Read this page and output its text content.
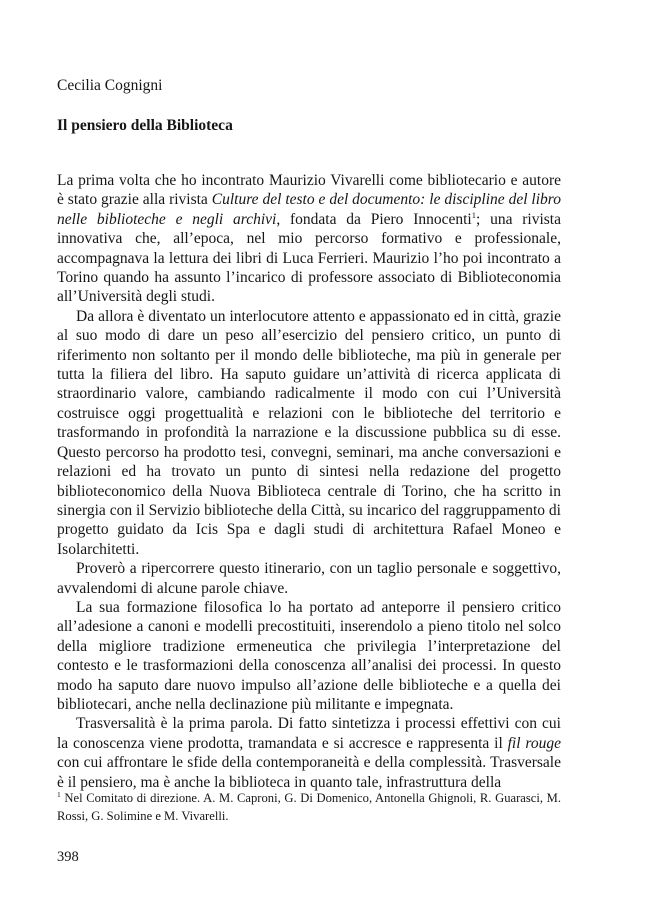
Cecilia Cognigni

Il pensiero della Biblioteca

La prima volta che ho incontrato Maurizio Vivarelli come bibliotecario e autore è stato grazie alla rivista Culture del testo e del documento: le discipline del libro nelle biblioteche e negli archivi, fondata da Piero Innocenti$^1$; una rivista innovativa che, all’epoca, nel mio percorso formativo e professionale, accompagnava la lettura dei libri di Luca Ferrieri. Maurizio l’ho poi incontrato a Torino quando ha assunto l’incarico di professore associato di Biblioteconomia all’Università degli studi.

Da allora è diventato un interlocutore attento e appassionato ed in città, grazie al suo modo di dare un peso all’esercizio del pensiero critico, un punto di riferimento non soltanto per il mondo delle biblioteche, ma più in generale per tutta la filiera del libro. Ha saputo guidare un’attività di ricerca applicata di straordinario valore, cambiando radicalmente il modo con cui l’Università costruisce oggi progettualità e relazioni con le biblioteche del territorio e trasformando in profondità la narrazione e la discussione pubblica su di esse. Questo percorso ha prodotto tesi, convegni, seminari, ma anche conversazioni e relazioni ed ha trovato un punto di sintesi nella redazione del progetto biblioteconomico della Nuova Biblioteca centrale di Torino, che ha scritto in sinergia con il Servizio biblioteche della Città, su incarico del raggruppamento di progetto guidato da Icis Spa e dagli studi di architettura Rafael Moneo e Isolarchitetti.

Proverò a ripercorrere questo itinerario, con un taglio personale e soggettivo, avvalendomi di alcune parole chiave.

La sua formazione filosofica lo ha portato ad anteporre il pensiero critico all’adesione a canoni e modelli precostituiti, inserendolo a pieno titolo nel solco della migliore tradizione ermeneutica che privilegia l’interpretazione del contesto e le trasformazioni della conoscenza all’analisi dei processi. In questo modo ha saputo dare nuovo impulso all’azione delle biblioteche e a quella dei bibliotecari, anche nella declinazione più militante e impegnata.

Trasversalità è la prima parola. Di fatto sintetizza i processi effettivi con cui la conoscenza viene prodotta, tramandata e si accresce e rappresenta il fil rouge con cui affrontare le sfide della contemporaneità e della complessità. Trasversale è il pensiero, ma è anche la biblioteca in quanto tale, infrastruttura della

$^1$ Nel Comitato di direzione. A. M. Caproni, G. Di Domenico, Antonella Ghignoli, R. Guarasci, M. Rossi, G. Solimine e M. Vivarelli.

398
